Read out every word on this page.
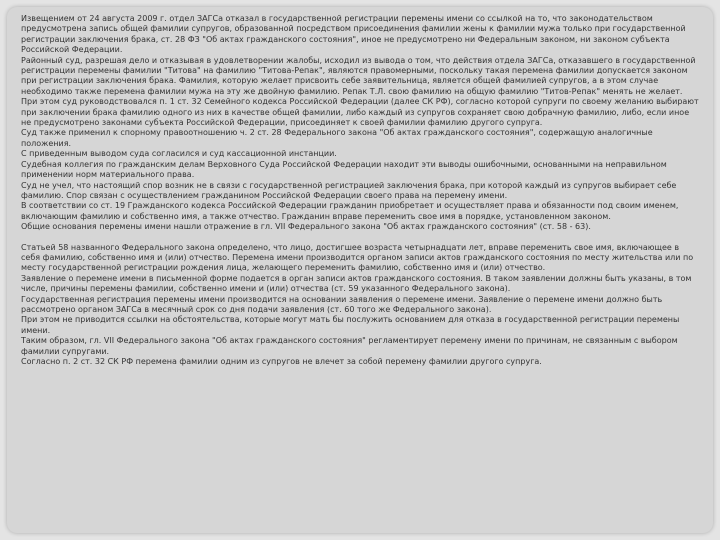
Извещением от 24 августа 2009 г. отдел ЗАГСа отказал в государственной регистрации перемены имени со ссылкой на то, что законодательством предусмотрена запись общей фамилии супругов, образованной посредством присоединения фамилии жены к фамилии мужа только при государственной регистрации заключения брака, ст. 28 ФЗ "Об актах гражданского состояния", иное не предусмотрено ни Федеральным законом, ни законом субъекта Российской Федерации.

Районный суд, разрешая дело и отказывая в удовлетворении жалобы, исходил из вывода о том, что действия отдела ЗАГСа, отказавшего в государственной регистрации перемены фамилии "Титова" на фамилию "Титова-Репак", являются правомерными, поскольку такая перемена фамилии допускается законом при регистрации заключения брака. Фамилия, которую желает присвоить себе заявительница, является общей фамилией супругов, а в этом случае необходимо также перемена фамилии мужа на эту же двойную фамилию. Репак Т.Л. свою фамилию на общую фамилию "Титов-Репак" менять не желает.

При этом суд руководствовался п. 1 ст. 32 Семейного кодекса Российской Федерации (далее СК РФ), согласно которой супруги по своему желанию выбирают при заключении брака фамилию одного из них в качестве общей фамилии, либо каждый из супругов сохраняет свою добрачную фамилию, либо, если иное не предусмотрено законами субъекта Российской Федерации, присоединяет к своей фамилии фамилию другого супруга.

Суд также применил к спорному правоотношению ч. 2 ст. 28 Федерального закона "Об актах гражданского состояния", содержащую аналогичные положения.

С приведенным выводом суда согласился и суд кассационной инстанции.

Судебная коллегия по гражданским делам Верховного Суда Российской Федерации находит эти выводы ошибочными, основанными на неправильном применении норм материального права.

Суд не учел, что настоящий спор возник не в связи с государственной регистрацией заключения брака, при которой каждый из супругов выбирает себе фамилию. Спор связан с осуществлением гражданином Российской Федерации своего права на перемену имени.

В соответствии со ст. 19 Гражданского кодекса Российской Федерации гражданин приобретает и осуществляет права и обязанности под своим именем, включающим фамилию и собственно имя, а также отчество. Гражданин вправе переменить свое имя в порядке, установленном законом.

Общие основания перемены имени нашли отражение в гл. VII Федерального закона "Об актах гражданского состояния" (ст. 58 - 63).

Статьей 58 названного Федерального закона определено, что лицо, достигшее возраста четырнадцати лет, вправе переменить свое имя, включающее в себя фамилию, собственно имя и (или) отчество. Перемена имени производится органом записи актов гражданского состояния по месту жительства или по месту государственной регистрации рождения лица, желающего переменить фамилию, собственно имя и (или) отчество.

Заявление о перемене имени в письменной форме подается в орган записи актов гражданского состояния. В таком заявлении должны быть указаны, в том числе, причины перемены фамилии, собственно имени и (или) отчества (ст. 59 указанного Федерального закона).

Государственная регистрация перемены имени производится на основании заявления о перемене имени. Заявление о перемене имени должно быть рассмотрено органом ЗАГСа в месячный срок со дня подачи заявления (ст. 60 того же Федерального закона).

При этом не приводится ссылки на обстоятельства, которые могут мать бы послужить основанием для отказа в государственной регистрации перемены имени.

Таким образом, гл. VII Федерального закона "Об актах гражданского состояния" регламентирует перемену имени по причинам, не связанным с выбором фамилии супругами.

Согласно п. 2 ст. 32 СК РФ перемена фамилии одним из супругов не влечет за собой перемену фамилии другого супруга.
